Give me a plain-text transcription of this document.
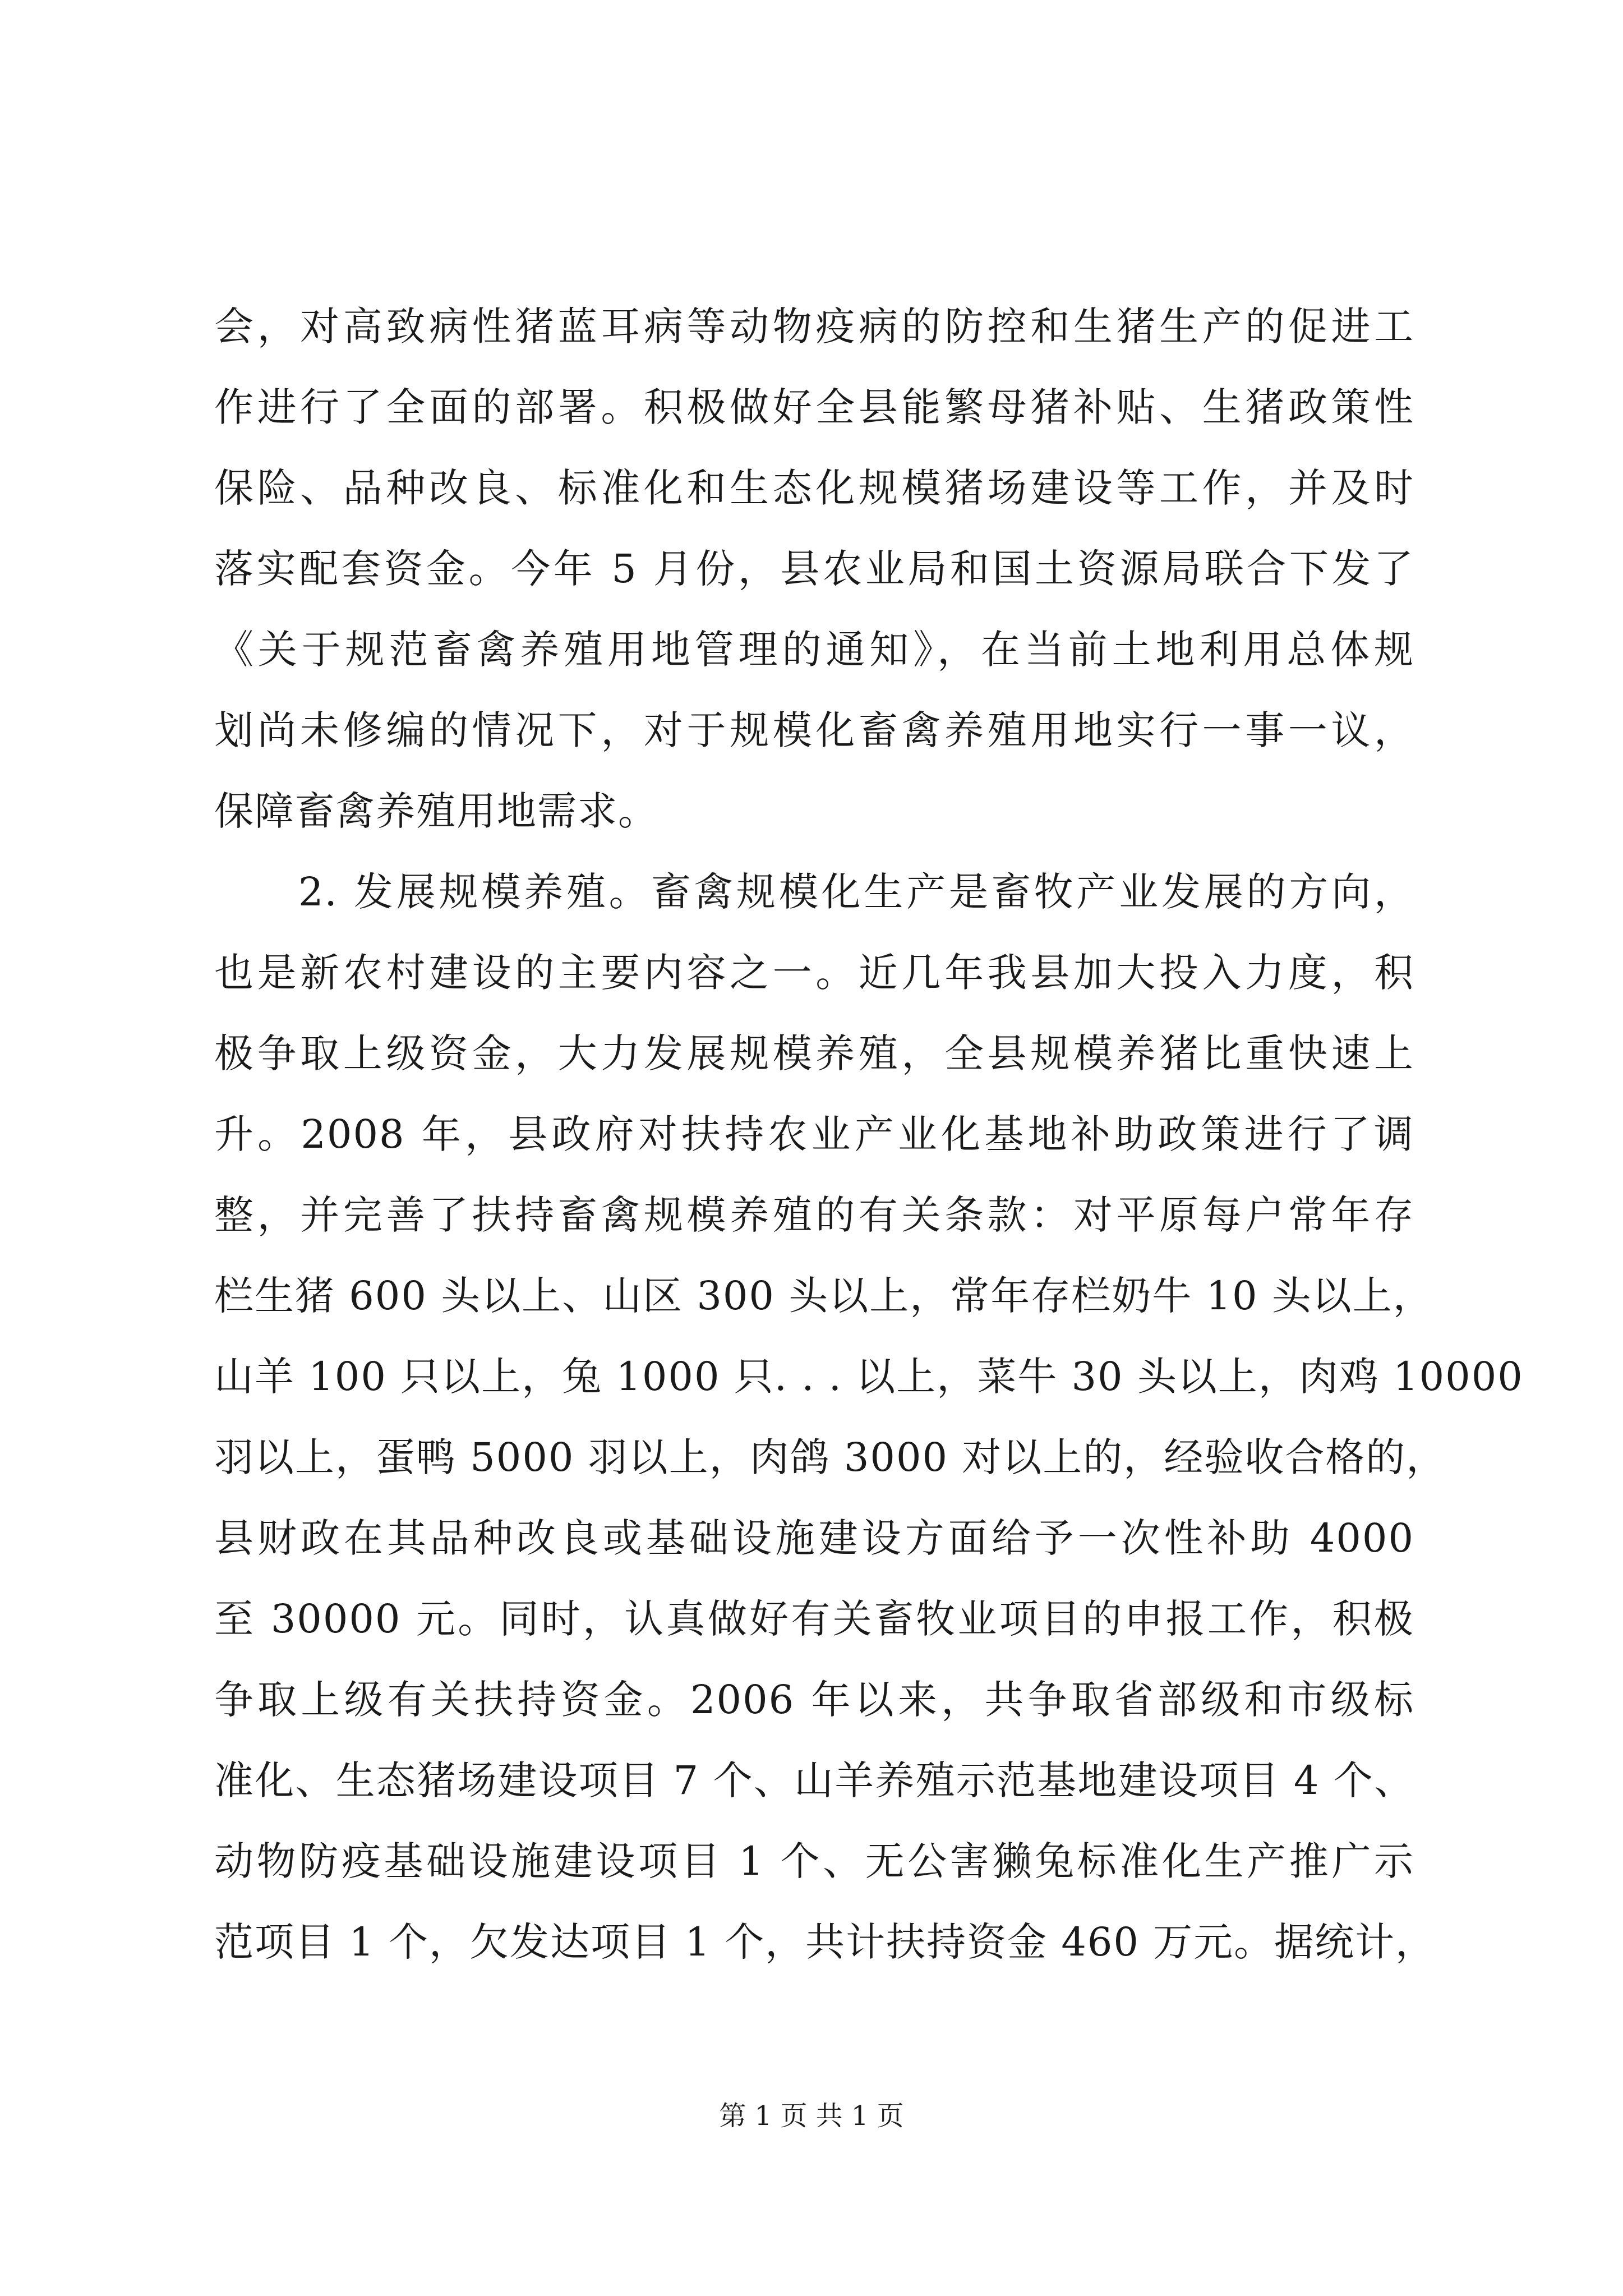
会，对高致病性猪蓝耳病等动物疫病的防控和生猪生产的促进工
作进行了全面的部署。积极做好全县能繁母猪补贴、生猪政策性
保险、品种改良、标准化和生态化规模猪场建设等工作，并及时
落实配套资金。今年 5 月份，县农业局和国土资源局联合下发了
《关于规范畜禽养殖用地管理的通知》，在当前土地利用总体规
划尚未修编的情况下，对于规模化畜禽养殖用地实行一事一议，
保障畜禽养殖用地需求。
2. 发展规模养殖。畜禽规模化生产是畜牧产业发展的方向，
也是新农村建设的主要内容之一。近几年我县加大投入力度，积
极争取上级资金，大力发展规模养殖，全县规模养猪比重快速上
升。2008 年，县政府对扶持农业产业化基地补助政策进行了调
整，并完善了扶持畜禽规模养殖的有关条款：对平原每户常年存
栏生猪 600 头以上、山区 300 头以上，常年存栏奶牛 10 头以上，
山羊 100 只以上，兔 1000 只. . . 以上，菜牛 30 头以上，肉鸡 10000
羽以上，蛋鸭 5000 羽以上，肉鸽 3000 对以上的，经验收合格的，
县财政在其品种改良或基础设施建设方面给予一次性补助 4000
至 30000 元。同时，认真做好有关畜牧业项目的申报工作，积极
争取上级有关扶持资金。2006 年以来，共争取省部级和市级标
准化、生态猪场建设项目 7 个、山羊养殖示范基地建设项目 4 个、
动物防疫基础设施建设项目 1 个、无公害獭兔标准化生产推广示
范项目 1 个，欠发达项目 1 个，共计扶持资金 460 万元。据统计，
第 1 页 共 1 页
